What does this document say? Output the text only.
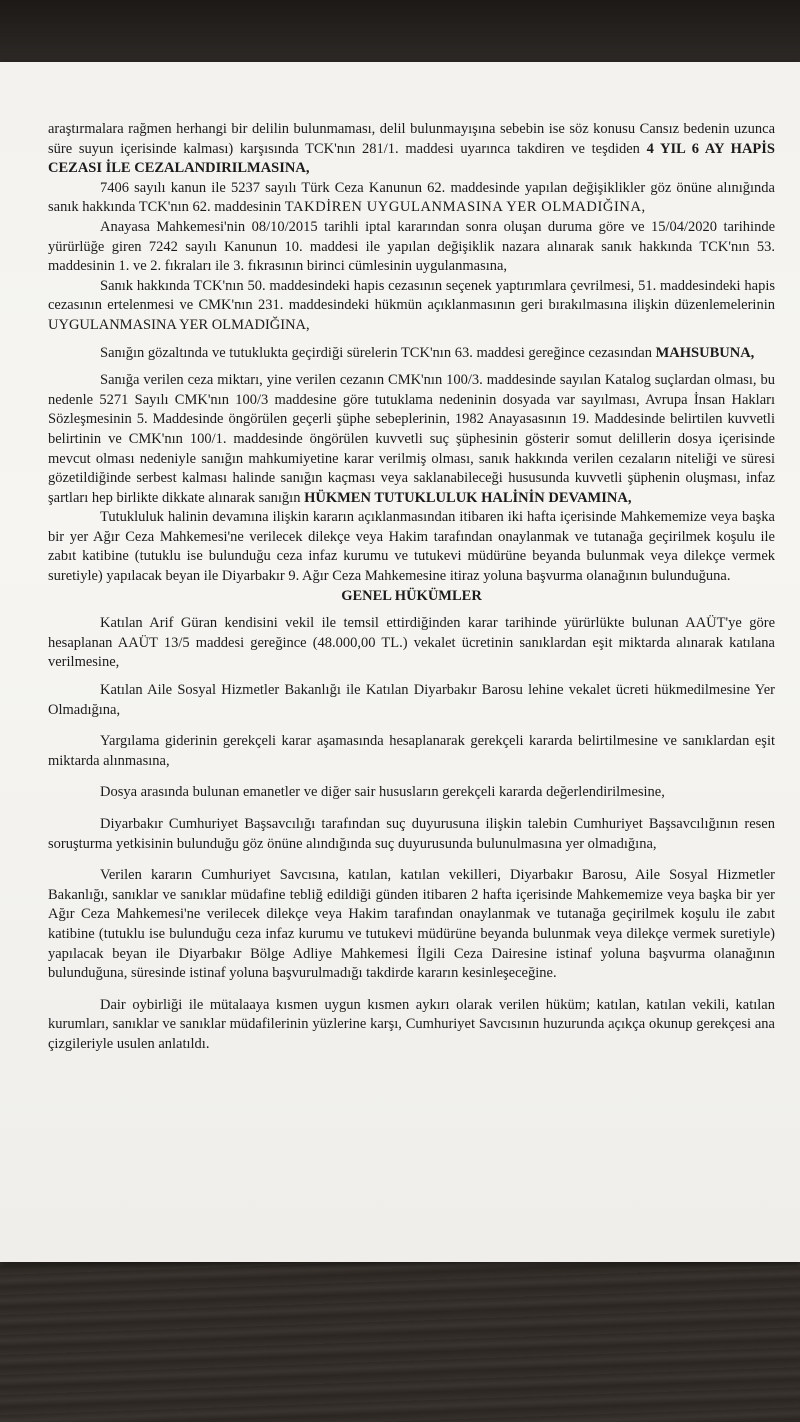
araştırmalara rağmen herhangi bir delilin bulunmaması, delil bulunmayışına sebebin ise söz konusu Cansız bedenin uzunca süre suyun içerisinde kalması) karşısında TCK'nın 281/1. maddesi uyarınca takdiren ve teşdiden 4 YIL 6 AY HAPİS CEZASI İLE CEZALANDIRILMASINA,

7406 sayılı kanun ile 5237 sayılı Türk Ceza Kanunun 62. maddesinde yapılan değişiklikler göz önüne alınığında sanık hakkında TCK'nın 62. maddesinin TAKDİREN UYGULANMASINA YER OLMADIĞINA,

Anayasa Mahkemesi'nin 08/10/2015 tarihli iptal kararından sonra oluşan duruma göre ve 15/04/2020 tarihinde yürürlüğe giren 7242 sayılı Kanunun 10. maddesi ile yapılan değişiklik nazara alınarak sanık hakkında TCK'nın 53. maddesinin 1. ve 2. fıkraları ile 3. fıkrasının birinci cümlesinin uygulanmasına,

Sanık hakkında TCK'nın 50. maddesindeki hapis cezasının seçenek yaptırımlara çevrilmesi, 51. maddesindeki hapis cezasının ertelenmesi ve CMK'nın 231. maddesindeki hükmün açıklanmasının geri bırakılmasına ilişkin düzenlemelerinin UYGULANMASINA YER OLMADIĞINA,

Sanığın gözaltında ve tutuklukta geçirdiği sürelerin TCK'nın 63. maddesi gereğince cezasından MAHSUBUNA,

Sanığa verilen ceza miktarı, yine verilen cezanın CMK'nın 100/3. maddesinde sayılan Katalog suçlardan olması, bu nedenle 5271 Sayılı CMK'nın 100/3 maddesine göre tutuklama nedeninin dosyada var sayılması, Avrupa İnsan Hakları Sözleşmesinin 5. Maddesinde öngörülen geçerli şüphe sebeplerinin, 1982 Anayasasının 19. Maddesinde belirtilen kuvvetli belirtinin ve CMK'nın 100/1. maddesinde öngörülen kuvvetli suç şüphesinin gösterir somut delillerin dosya içerisinde mevcut olması nedeniyle sanığın mahkumiyetine karar verilmiş olması, sanık hakkında verilen cezaların niteliği ve süresi gözetildiğinde serbest kalması halinde sanığın kaçması veya saklanabileceği hususunda kuvvetli şüphenin oluşması, infaz şartları hep birlikte dikkate alınarak sanığın HÜKMEN TUTUKLULUK HALİNİN DEVAMINA,

Tutukluluk halinin devamına ilişkin kararın açıklanmasından itibaren iki hafta içerisinde Mahkememize veya başka bir yer Ağır Ceza Mahkemesi'ne verilecek dilekçe veya Hakim tarafından onaylanmak ve tutanağa geçirilmek koşulu ile zabıt katibine (tutuklu ise bulunduğu ceza infaz kurumu ve tutukevi müdürüne beyanda bulunmak veya dilekçe vermek suretiyle) yapılacak beyan ile Diyarbakır 9. Ağır Ceza Mahkemesine itiraz yoluna başvurma olanağının bulunduğuna.

GENEL HÜKÜMLER

Katılan Arif Güran kendisini vekil ile temsil ettirdiğinden karar tarihinde yürürlükte bulunan AAÜT'ye göre hesaplanan AAÜT 13/5 maddesi gereğince (48.000,00 TL.) vekalet ücretinin sanıklardan eşit miktarda alınarak katılana verilmesine,

Katılan Aile Sosyal Hizmetler Bakanlığı ile Katılan Diyarbakır Barosu lehine vekalet ücreti hükmedilmesine Yer Olmadığına,

Yargılama giderinin gerekçeli karar aşamasında hesaplanarak gerekçeli kararda belirtilmesine ve sanıklardan eşit miktarda alınmasına,

Dosya arasında bulunan emanetler ve diğer sair hususların gerekçeli kararda değerlendirilmesine,

Diyarbakır Cumhuriyet Başsavcılığı tarafından suç duyurusuna ilişkin talebin Cumhuriyet Başsavcılığının resen soruşturma yetkisinin bulunduğu göz önüne alındığında suç duyurusunda bulunulmasına yer olmadığına,

Verilen kararın Cumhuriyet Savcısına, katılan, katılan vekilleri, Diyarbakır Barosu, Aile Sosyal Hizmetler Bakanlığı, sanıklar ve sanıklar müdafine tebliğ edildiği günden itibaren 2 hafta içerisinde Mahkememize veya başka bir yer Ağır Ceza Mahkemesi'ne verilecek dilekçe veya Hakim tarafından onaylanmak ve tutanağa geçirilmek koşulu ile zabıt katibine (tutuklu ise bulunduğu ceza infaz kurumu ve tutukevi müdürüne beyanda bulunmak veya dilekçe vermek suretiyle) yapılacak beyan ile Diyarbakır Bölge Adliye Mahkemesi İlgili Ceza Dairesine istinaf yoluna başvurma olanağının bulunduğuna, süresinde istinaf yoluna başvurulmadığı takdirde kararın kesinleşeceğine.

Dair oybirliği ile mütalaaya kısmen uygun kısmen aykırı olarak verilen hüküm; katılan, katılan vekili, katılan kurumları, sanıklar ve sanıklar müdafilerinin yüzlerine karşı, Cumhuriyet Savcısının huzurunda açıkça okunup gerekçesi ana çizgileriyle usulen anlatıldı.
